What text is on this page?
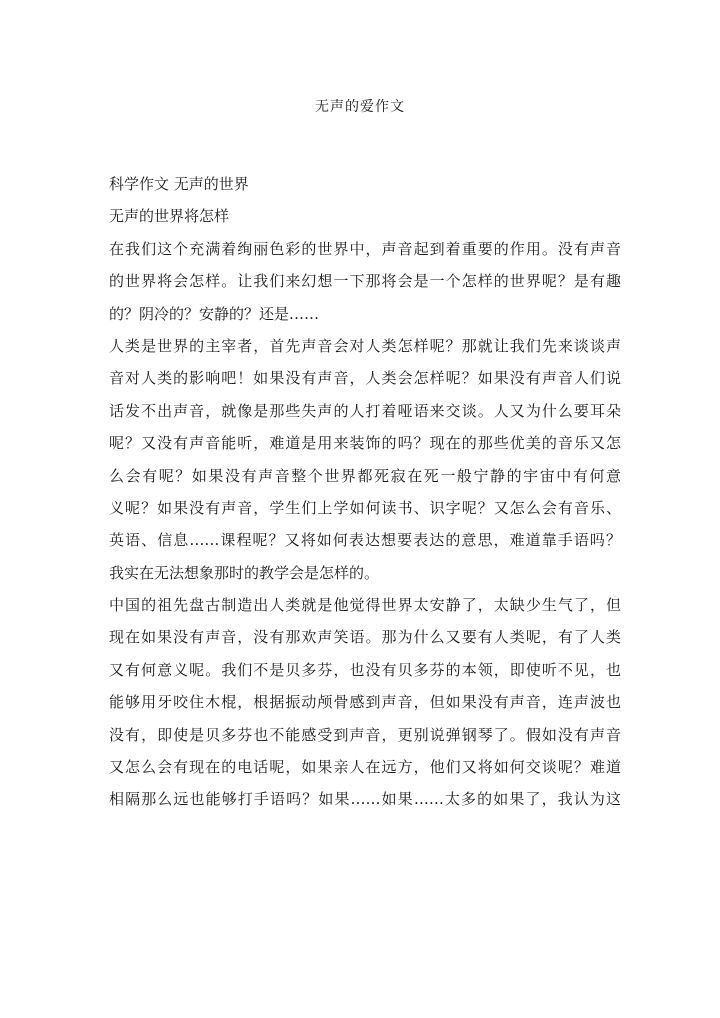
无声的爱作文
科学作文 无声的世界
无声的世界将怎样
在我们这个充满着绚丽色彩的世界中，声音起到着重要的作用。没有声音
的世界将会怎样。让我们来幻想一下那将会是一个怎样的世界呢？是有趣
的？阴冷的？安静的？还是……
人类是世界的主宰者，首先声音会对人类怎样呢？那就让我们先来谈谈声
音对人类的影响吧！如果没有声音，人类会怎样呢？如果没有声音人们说
话发不出声音，就像是那些失声的人打着哑语来交谈。人又为什么要耳朵
呢？又没有声音能听，难道是用来装饰的吗？现在的那些优美的音乐又怎
么会有呢？如果没有声音整个世界都死寂在死一般宁静的宇宙中有何意
义呢？如果没有声音，学生们上学如何读书、识字呢？又怎么会有音乐、
英语、信息……课程呢？又将如何表达想要表达的意思，难道靠手语吗？
我实在无法想象那时的教学会是怎样的。
中国的祖先盘古制造出人类就是他觉得世界太安静了，太缺少生气了，但
现在如果没有声音，没有那欢声笑语。那为什么又要有人类呢，有了人类
又有何意义呢。我们不是贝多芬，也没有贝多芬的本领，即使听不见，也
能够用牙咬住木棍，根据振动颅骨感到声音，但如果没有声音，连声波也
没有，即使是贝多芬也不能感受到声音，更别说弹钢琴了。假如没有声音
又怎么会有现在的电话呢，如果亲人在远方，他们又将如何交谈呢？难道
相隔那么远也能够打手语吗？如果……如果……太多的如果了，我认为这
